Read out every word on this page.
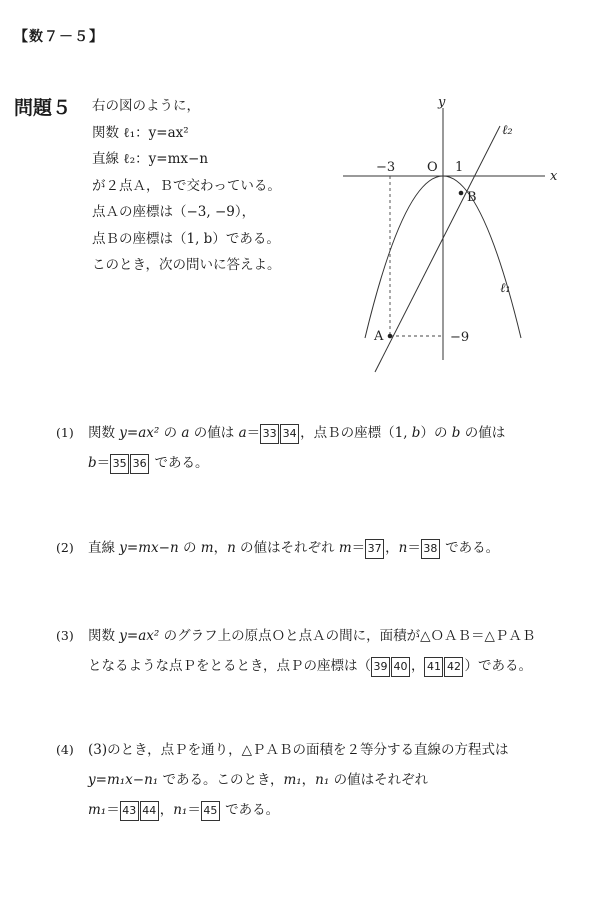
【数７－５】
問題５ 右の図のように，
関数 ℓ₁：y=ax²
直線 ℓ₂：y=mx−n
が２点Ａ，Ｂで交わっている。
点Ａの座標は（−3, −9），
点Ｂの座標は（1, b）である。
このとき，次の問いに答えよ。
y
x
O
−3	1
−9
A
B
ℓ₂
ℓ₁
(1) 関数 y=ax² の a の値は a＝ 33 34 ，点Ｂの座標（1, b）の b の値は
b＝ 35 36 である。
(2) 直線 y=mx−n の m，n の値はそれぞれ m＝ 37 ，n＝ 38 である。
(3) 関数 y=ax² のグラフ上の原点Ｏと点Ａの間に，面積が△ＯＡＢ＝△ＰＡＢ
となるような点Ｐをとるとき，点Ｐの座標は（ 39 40 ， 41 42 ）である。
(4) (3)のとき，点Ｐを通り，△ＰＡＢの面積を２等分する直線の方程式は
y=m₁x−n₁ である。このとき，m₁，n₁ の値はそれぞれ
m₁＝ 43 44 ，n₁＝ 45 である。
